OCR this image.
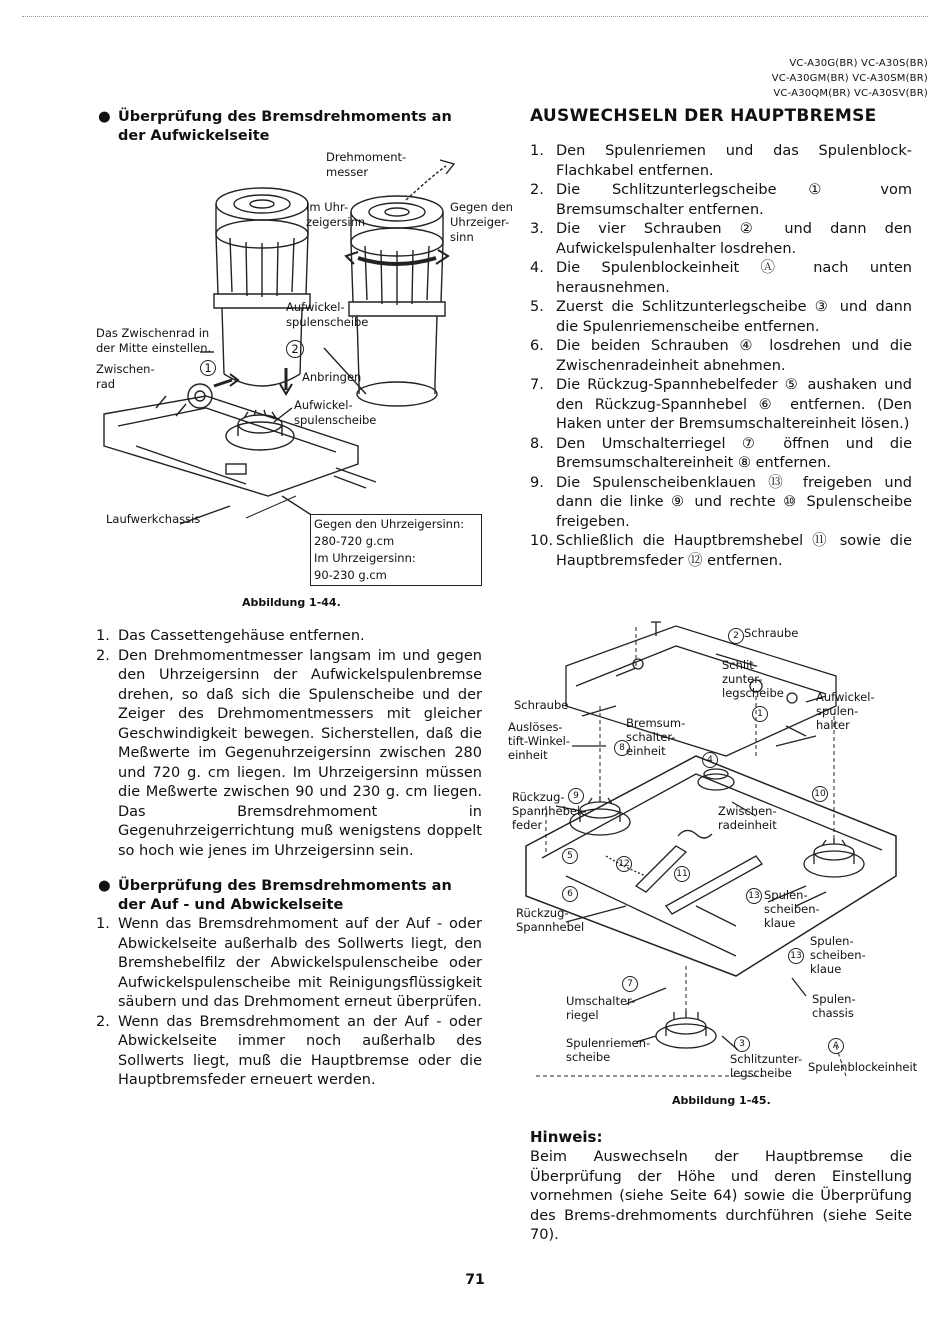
VC-A30G(BR) VC-A30S(BR)
VC-A30GM(BR) VC-A30SM(BR)
VC-A30QM(BR) VC-A30SV(BR)
● Überprüfung des Bremsdrehmoments an der Aufwickelseite
Drehmoment-
messer
Im Uhr-
zeigersinn
Gegen den
Uhrzeiger-
sinn
Aufwickel-
spulenscheibe
Das Zwischenrad in
der Mitte einstellen.
Zwischen-
rad
1
2
Anbringen
Aufwickel-
spulenscheibe
Laufwerkchassis	Gegen den Uhrzeigersinn:
280-720 g.cm
Im Uhrzeigersinn:
90-230 g.cm
Abbildung 1-44.
1. Das Cassettengehäuse entfernen.
2. Den Drehmomentmesser langsam im und gegen den Uhrzeigersinn der Aufwickelspulenbremse drehen, so daß sich die Spulenscheibe und der Zeiger des Drehmomentmessers mit gleicher Geschwindigkeit bewegen. Sicherstellen, daß die Meßwerte im Gegenuhrzeigersinn zwischen 280 und 720 g. cm liegen. Im Uhrzeigersinn müssen die Meßwerte zwischen 90 und 230 g. cm liegen. Das Bremsdrehmoment in Gegenuhrzeigerrichtung muß wenigstens doppelt so hoch wie jenes im Uhrzeigersinn sein.
● Überprüfung des Bremsdrehmoments an der Auf - und Abwickelseite
1. Wenn das Bremsdrehmoment auf der Auf - oder Abwickelseite außerhalb des Sollwerts liegt, den Bremshebelfilz der Abwickelspulenscheibe oder Aufwickelspulenscheibe mit Reinigungsflüssigkeit säubern und das Drehmoment erneut überprüfen.
2. Wenn das Bremsdrehmoment an der Auf - oder Abwickelseite immer noch außerhalb des Sollwerts liegt, muß die Hauptbremse oder die Hauptbremsfeder erneuert werden.
AUSWECHSELN DER HAUPTBREMSE
1. Den Spulenriemen und das Spulenblock-Flachkabel entfernen.
2. Die Schlitzunterlegscheibe ① vom Bremsumschalter entfernen.
3. Die vier Schrauben ② und dann den Aufwickelspulenhalter losdrehen.
4. Die Spulenblockeinheit Ⓐ nach unten herausnehmen.
5. Zuerst die Schlitzunterlegscheibe ③ und dann die Spulenriemenscheibe entfernen.
6. Die beiden Schrauben ④ losdrehen und die Zwischenradeinheit abnehmen.
7. Die Rückzug-Spannhebelfeder ⑤ aushaken und den Rückzug-Spannhebel ⑥ entfernen. (Den Haken unter der Bremsumschaltereinheit lösen.)
8. Den Umschalterriegel ⑦ öffnen und die Bremsumschaltereinheit ⑧ entfernen.
9. Die Spulenscheibenklauen ⑬ freigeben und dann die linke ⑨ und rechte ⑩ Spulenscheibe freigeben.
10. Schließlich die Hauptbremshebel ⑪ sowie die Hauptbremsfeder ⑫ entfernen.
Schraube
Schlit-
zunter-
legscheibe	Aufwickel-
spulen-
halter
Schraube
Auslöses-
tift-Winkel-
einheit
Bremsum-
schalter-
einheit
Rückzug-
Spannhebel-
feder
Zwischen-
radeinheit
Rückzug-
Spannhebel
Spulen-
scheiben-
klaue
Spulen-
scheiben-
klaue
Umschalter-
riegel
Spulen-
chassis
Spulenriemen-
scheibe	Schlitzunter-
legscheibe	Spulenblockeinheit
2
1
10
4
9
8
5
12
11
6	13
13
7
3	A
Abbildung 1-45.
Hinweis:
Beim Auswechseln der Hauptbremse die Überprüfung der Höhe und deren Einstellung vornehmen (siehe Seite 64) sowie die Überprüfung des Brems-drehmoments durchführen (siehe Seite 70).
71
